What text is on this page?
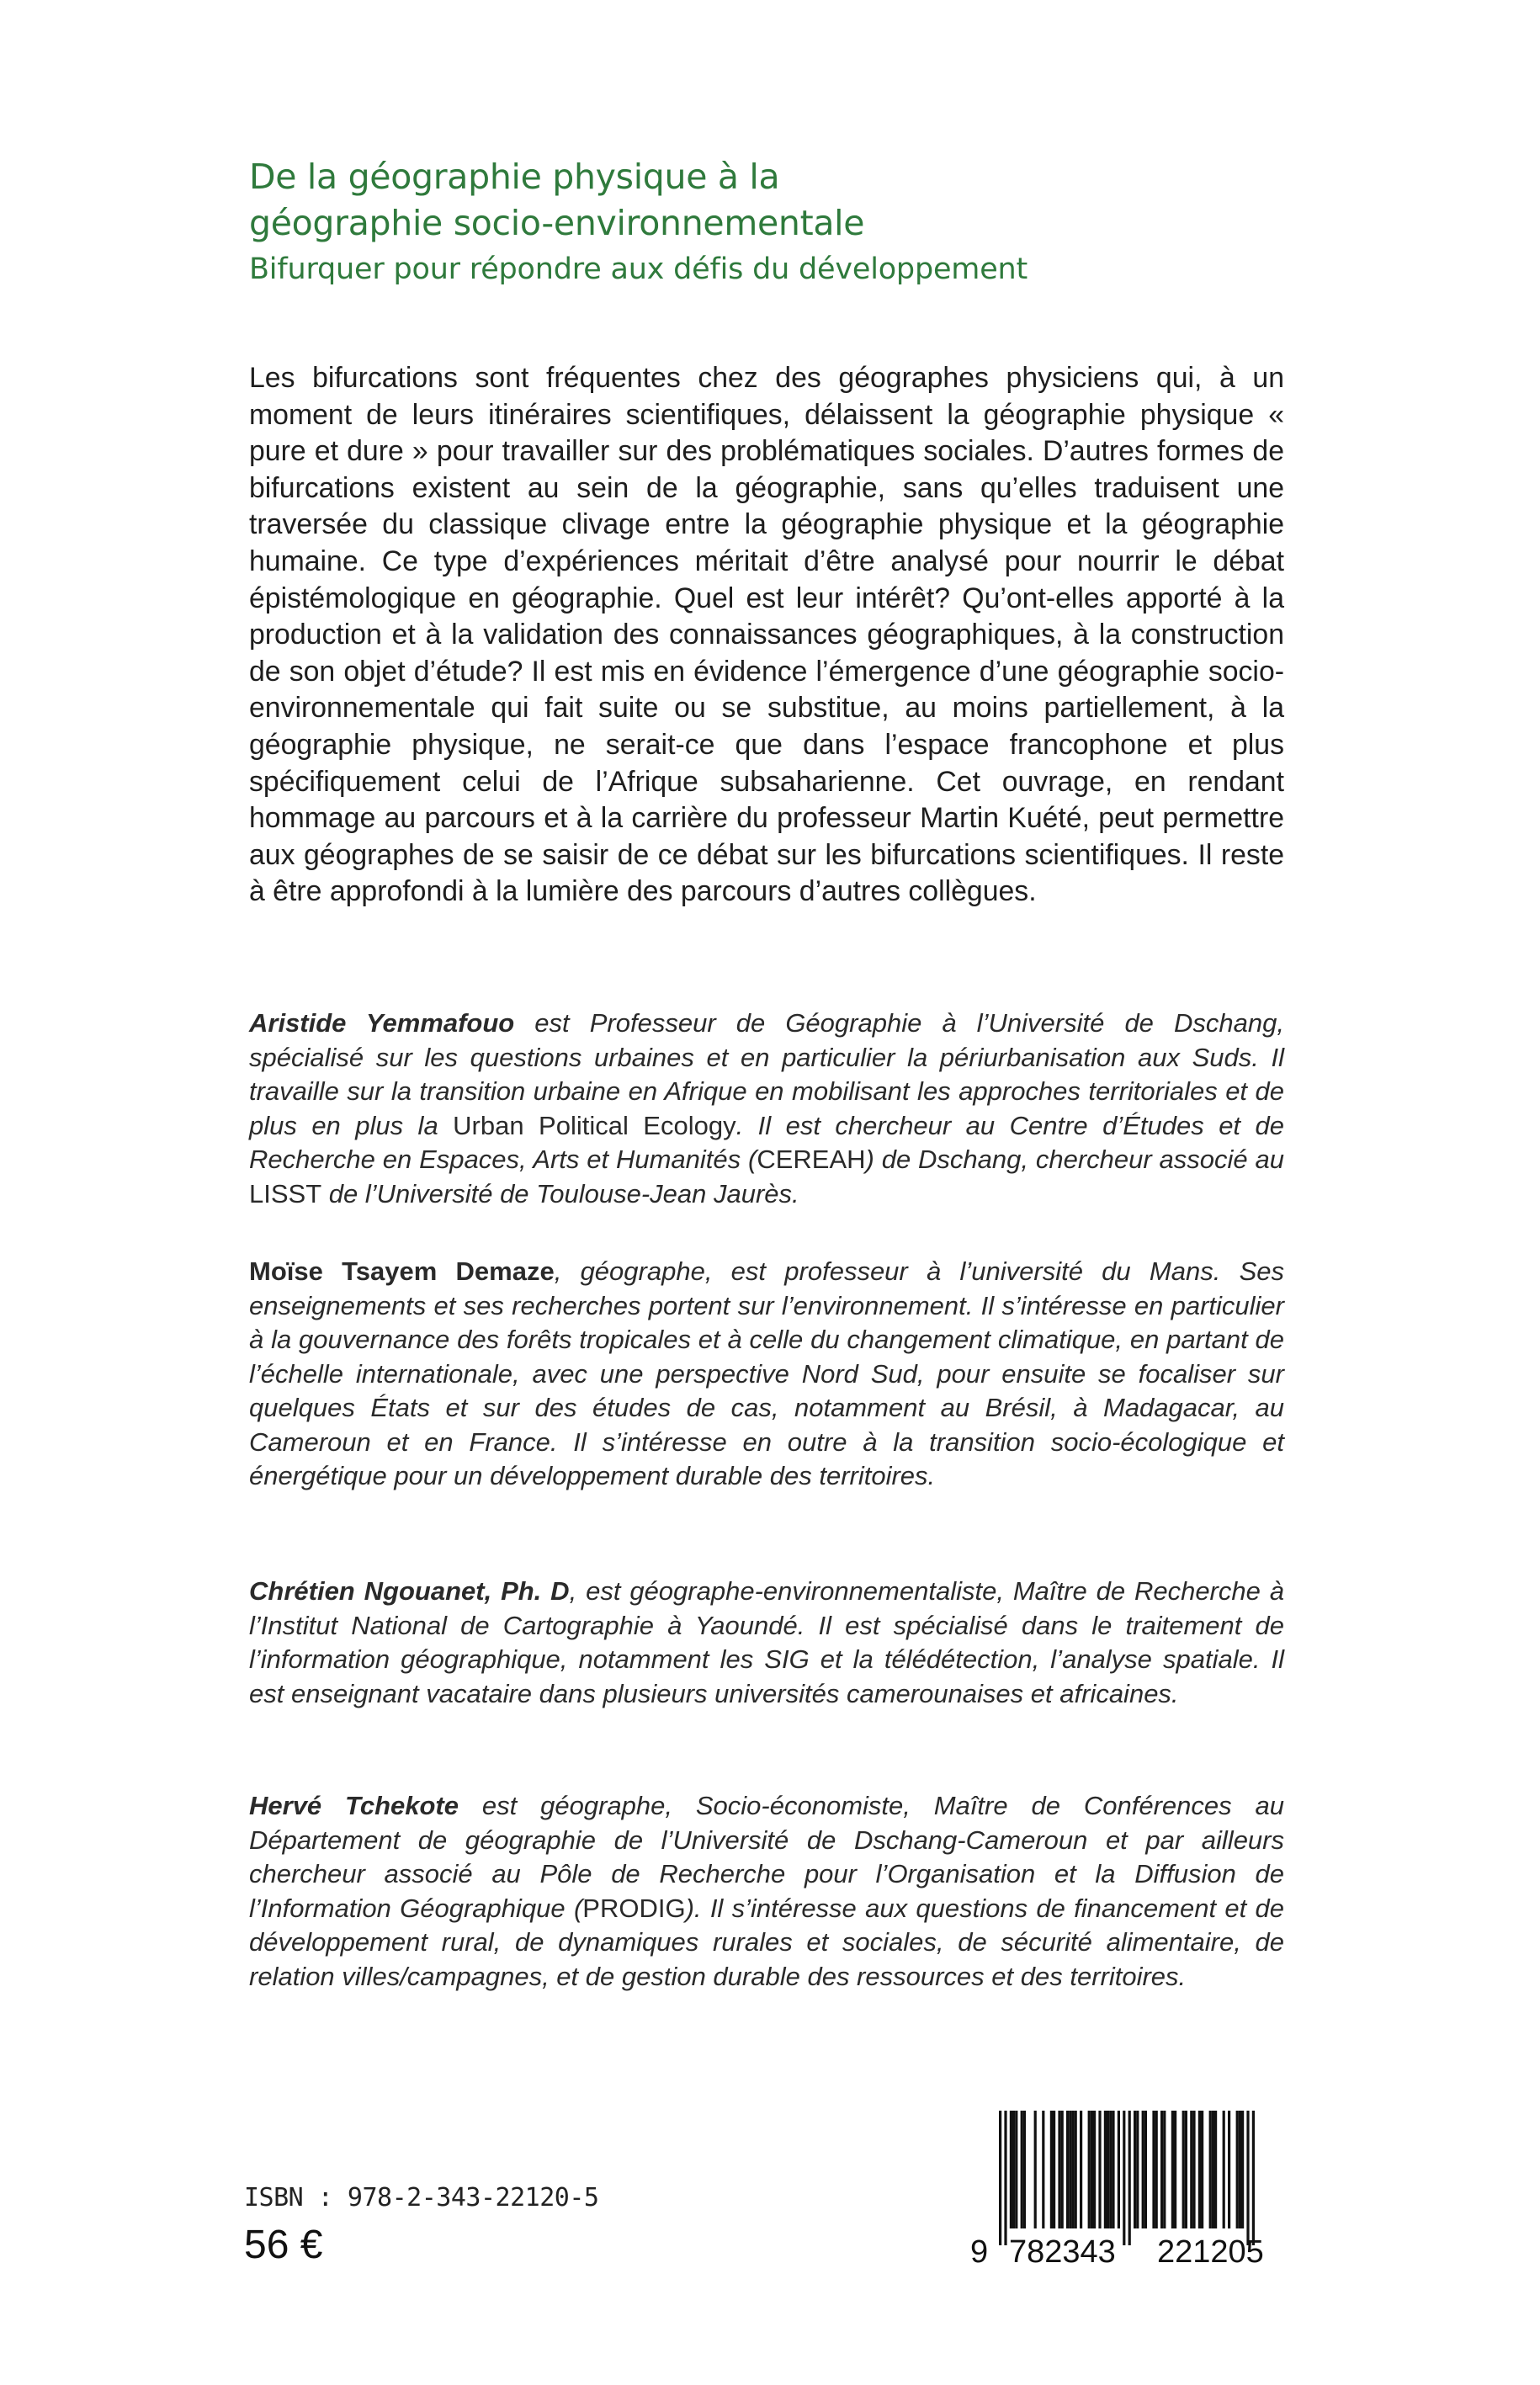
De la géographie physique à la
géographie socio-environnementale

Bifurquer pour répondre aux défis du développement

Les bifurcations sont fréquentes chez des géographes physiciens qui, à un moment de leurs itinéraires scientifiques, délaissent la géographie physique « pure et dure » pour travailler sur des problématiques sociales. D’autres formes de bifurcations existent au sein de la géographie, sans qu’elles traduisent une traversée du classique clivage entre la géographie physique et la géographie humaine. Ce type d’expériences méritait d’être analysé pour nourrir le débat épistémologique en géographie. Quel est leur intérêt? Qu’ont-elles apporté à la production et à la validation des connaissances géographiques, à la construction de son objet d’étude? Il est mis en évidence l’émergence d’une géographie socio-environnementale qui fait suite ou se substitue, au moins partiellement, à la géographie physique, ne serait-ce que dans l’espace francophone et plus spécifiquement celui de l’Afrique subsaharienne. Cet ouvrage, en rendant hommage au parcours et à la carrière du professeur Martin Kuété, peut permettre aux géographes de se saisir de ce débat sur les bifurcations scientifiques. Il reste à être approfondi à la lumière des parcours d’autres collègues.

Aristide Yemmafouo est Professeur de Géographie à l’Université de Dschang, spécialisé sur les questions urbaines et en particulier la périurbanisation aux Suds. Il travaille sur la transition urbaine en Afrique en mobilisant les approches territoriales et de plus en plus la Urban Political Ecology. Il est chercheur au Centre d’Études et de Recherche en Espaces, Arts et Humanités (CEREAH) de Dschang, chercheur associé au LISST de l’Université de Toulouse-Jean Jaurès.

Moïse Tsayem Demaze, géographe, est professeur à l’université du Mans. Ses enseignements et ses recherches portent sur l’environnement. Il s’intéresse en particulier à la gouvernance des forêts tropicales et à celle du changement climatique, en partant de l’échelle internationale, avec une perspective Nord Sud, pour ensuite se focaliser sur quelques États et sur des études de cas, notamment au Brésil, à Madagacar, au Cameroun et en France. Il s’intéresse en outre à la transition socio-écologique et énergétique pour un développement durable des territoires.

Chrétien Ngouanet, Ph. D, est géographe-environnementaliste, Maître de Recherche à l’Institut National de Cartographie à Yaoundé. Il est spécialisé dans le traitement de l’information géographique, notamment les SIG et la télédétection, l’analyse spatiale. Il est enseignant vacataire dans plusieurs universités camerounaises et africaines.

Hervé Tchekote est géographe, Socio-économiste, Maître de Conférences au Département de géographie de l’Université de Dschang-Cameroun et par ailleurs chercheur associé au Pôle de Recherche pour l’Organisation et la Diffusion de l’Information Géographique (PRODIG). Il s’intéresse aux questions de financement et de développement rural, de dynamiques rurales et sociales, de sécurité alimentaire, de relation villes/campagnes, et de gestion durable des ressources et des territoires.

ISBN : 978-2-343-22120-5

56 €	9 782343 221205
